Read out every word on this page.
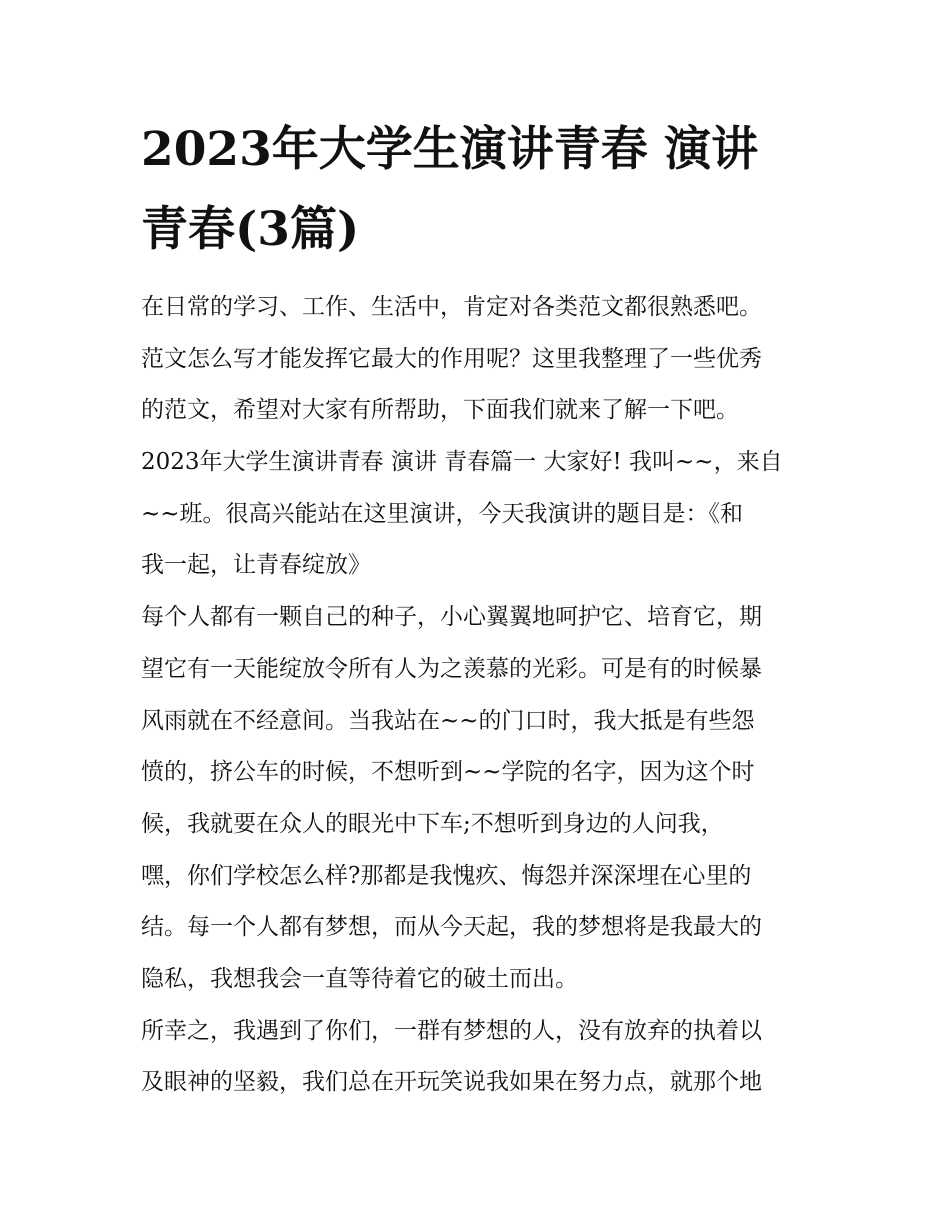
2023年大学生演讲青春 演讲
青春(3篇)
在日常的学习、工作、生活中，肯定对各类范文都很熟悉吧。
范文怎么写才能发挥它最大的作用呢？这里我整理了一些优秀
的范文，希望对大家有所帮助，下面我们就来了解一下吧。
2023年大学生演讲青春 演讲 青春篇一 大家好! 我叫~~，来自
~~班。很高兴能站在这里演讲，今天我演讲的题目是：《和
我一起，让青春绽放》
每个人都有一颗自己的种子，小心翼翼地呵护它、培育它，期
望它有一天能绽放令所有人为之羡慕的光彩。可是有的时候暴
风雨就在不经意间。当我站在~~的门口时，我大抵是有些怨
愤的，挤公车的时候，不想听到~~学院的名字，因为这个时
候，我就要在众人的眼光中下车;不想听到身边的人问我，
嘿，你们学校怎么样?那都是我愧疚、悔怨并深深埋在心里的
结。每一个人都有梦想，而从今天起，我的梦想将是我最大的
隐私，我想我会一直等待着它的破土而出。
所幸之，我遇到了你们，一群有梦想的人，没有放弃的执着以
及眼神的坚毅，我们总在开玩笑说我如果在努力点，就那个地
